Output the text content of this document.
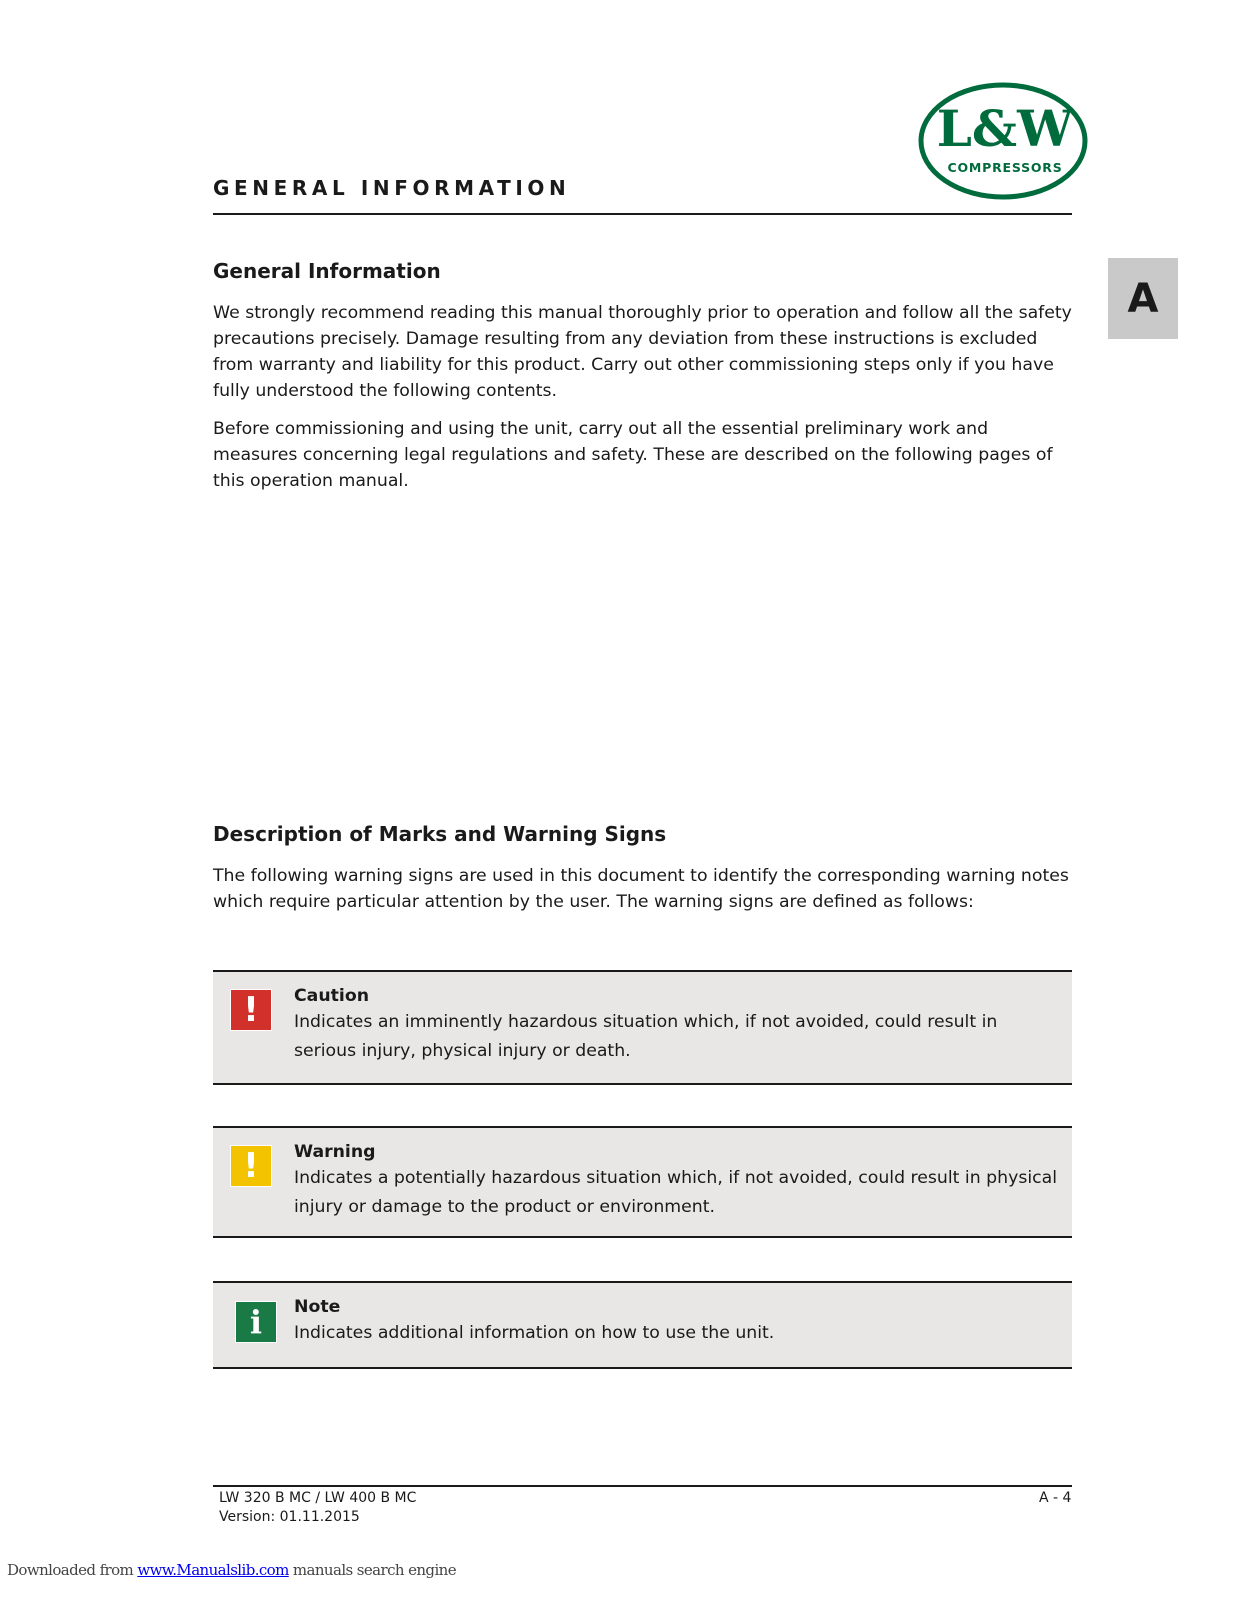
GENERAL INFORMATION
L&W
COMPRESSORS
A
General Information

We strongly recommend reading this manual thoroughly prior to operation and follow all the safety precautions precisely. Damage resulting from any deviation from these instructions is excluded from warranty and liability for this product. Carry out other commissioning steps only if you have fully understood the following contents.

Before commissioning and using the unit, carry out all the essential preliminary work and measures concerning legal regulations and safety. These are described on the following pages of this operation manual.

Description of Marks and Warning Signs

The following warning signs are used in this document to identify the corresponding warning notes which require particular attention by the user. The warning signs are defined as follows:

!	Caution
Indicates an imminently hazardous situation which, if not avoided, could result in serious injury, physical injury or death.
!	Warning
Indicates a potentially hazardous situation which, if not avoided, could result in physical injury or damage to the product or environment.
i	Note
Indicates additional information on how to use the unit.
LW 320 B MC / LW 400 B MC
Version: 01.11.2015
A - 4
Downloaded from www.Manualslib.com manuals search engine
